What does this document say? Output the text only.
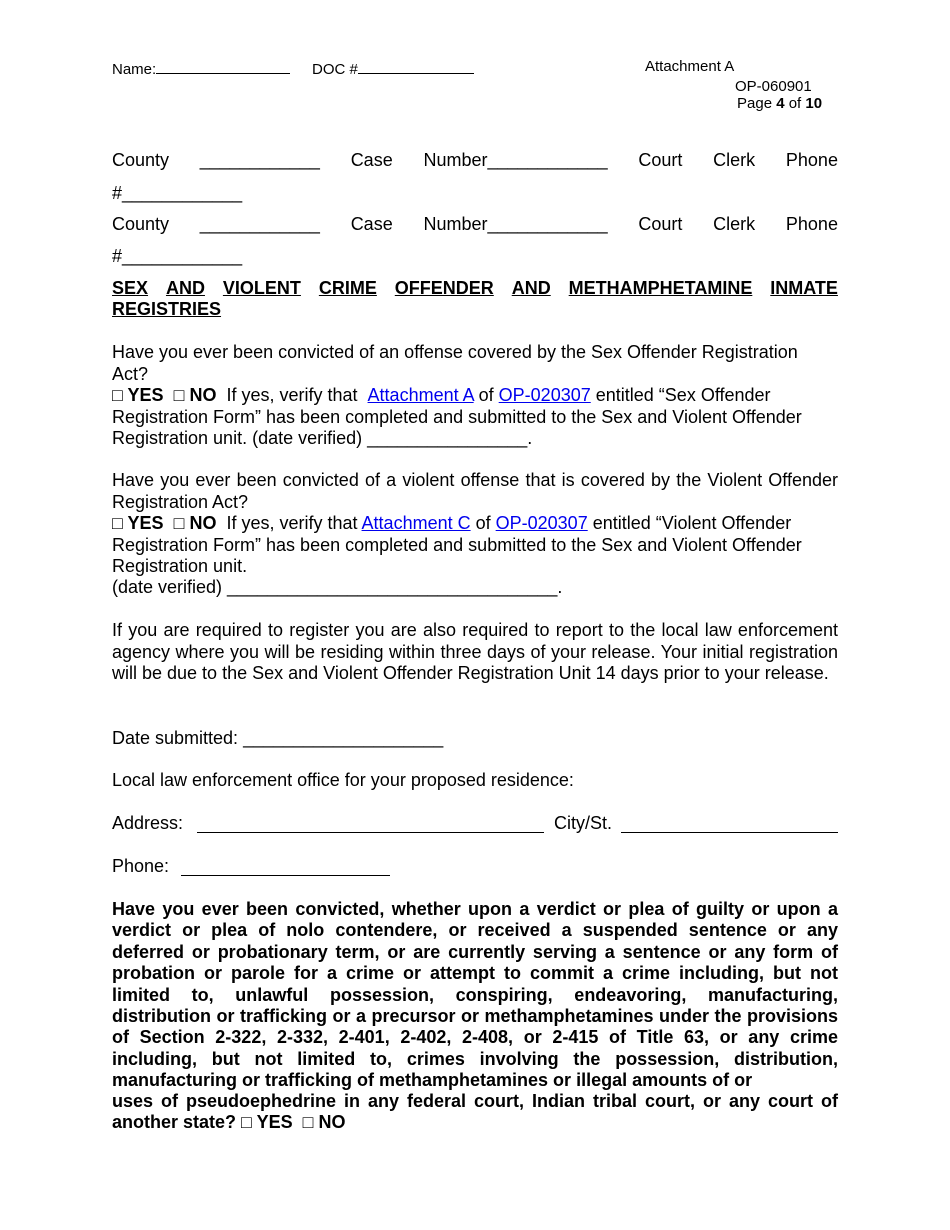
Name:	DOC #	Attachment A
OP-060901
Page 4 of 10
County ____________ Case Number____________ Court Clerk Phone
#____________
County ____________ Case Number____________ Court Clerk Phone
#____________
SEX AND VIOLENT CRIME OFFENDER AND METHAMPHETAMINE INMATE
REGISTRIES
Have you ever been convicted of an offense covered by the Sex Offender Registration Act?
□ YES □ NO If yes, verify that Attachment A of OP-020307 entitled “Sex Offender Registration Form” has been completed and submitted to the Sex and Violent Offender Registration unit. (date verified) ________________.
Have you ever been convicted of a violent offense that is covered by the Violent Offender Registration Act?
□ YES □ NO If yes, verify that Attachment C of OP-020307 entitled “Violent Offender Registration Form” has been completed and submitted to the Sex and Violent Offender Registration unit.
(date verified) _________________________________.
If you are required to register you are also required to report to the local law enforcement agency where you will be residing within three days of your release. Your initial registration will be due to the Sex and Violent Offender Registration Unit 14 days prior to your release.
Date submitted: ____________________
Local law enforcement office for your proposed residence:
Address:	City/St.
Phone:
Have you ever been convicted, whether upon a verdict or plea of guilty or upon a verdict or plea of nolo contendere, or received a suspended sentence or any deferred or probationary term, or are currently serving a sentence or any form of probation or parole for a crime or attempt to commit a crime including, but not limited to, unlawful possession, conspiring, endeavoring, manufacturing, distribution or trafficking or a precursor or methamphetamines under the provisions of Section 2-322, 2-332, 2-401, 2-402, 2-408, or 2-415 of Title 63, or any crime including, but not limited to, crimes involving the possession, distribution, manufacturing or trafficking of methamphetamines or illegal amounts of or
uses of pseudoephedrine in any federal court, Indian tribal court, or any court of another state? □ YES □ NO
